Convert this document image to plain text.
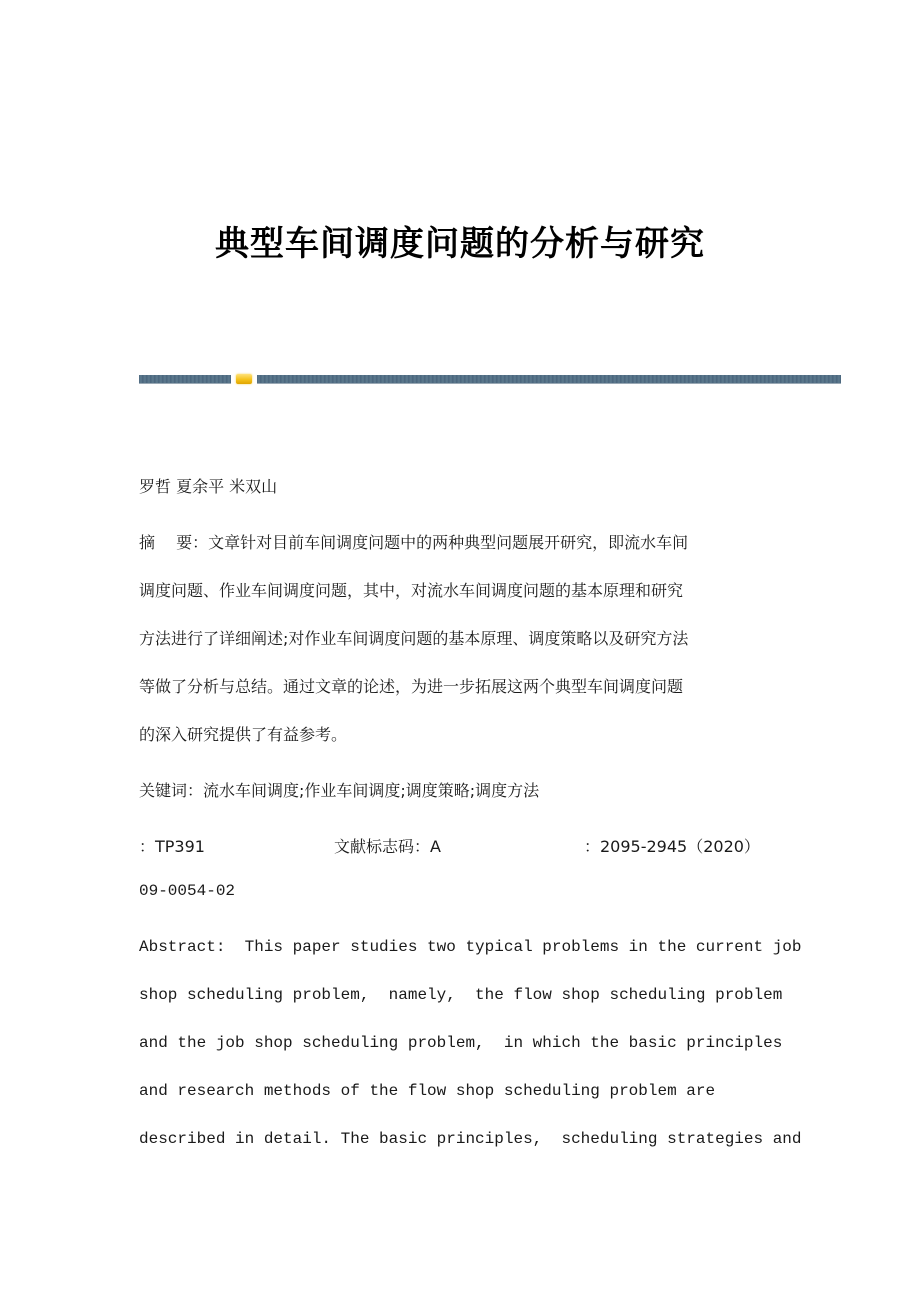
典型车间调度问题的分析与研究
罗哲 夏余平 米双山
摘　 要：文章针对目前车间调度问题中的两种典型问题展开研究，即流水车间
调度问题、作业车间调度问题，其中，对流水车间调度问题的基本原理和研究
方法进行了详细阐述;对作业车间调度问题的基本原理、调度策略以及研究方法
等做了分析与总结。通过文章的论述，为进一步拓展这两个典型车间调度问题
的深入研究提供了有益参考。
关键词：流水车间调度;作业车间调度;调度策略;调度方法
：TP391	文献标志码：A	：2095-2945（2020）
09-0054-02
Abstract:  This paper studies two typical problems in the current job
shop scheduling problem,  namely,  the flow shop scheduling problem
and the job shop scheduling problem,  in which the basic principles
and research methods of the flow shop scheduling problem are
described in detail. The basic principles,  scheduling strategies and
